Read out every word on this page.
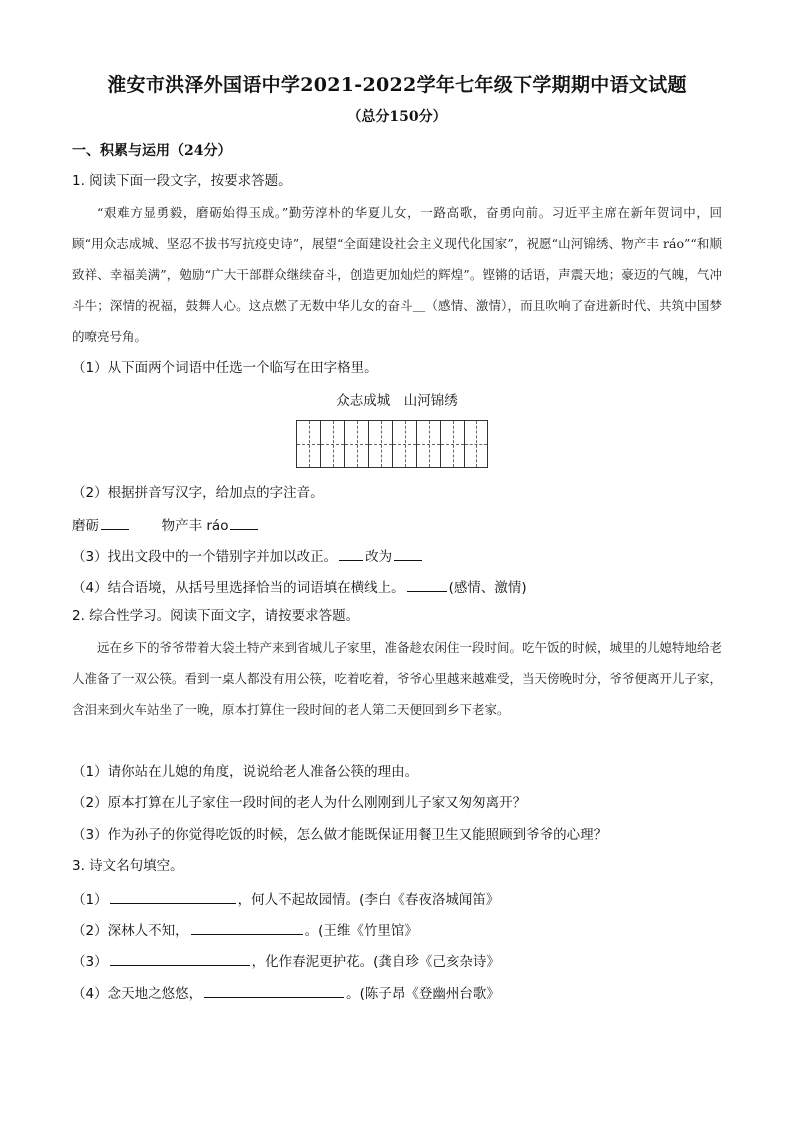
淮安市洪泽外国语中学2021-2022学年七年级下学期期中语文试题
（总分150分）
一、积累与运用（24分）
1. 阅读下面一段文字，按要求答题。
“艰难方显勇毅，磨砺始得玉成。”勤劳淳朴的华夏儿女，一路高歌，奋勇向前。习近平主席在新年贺词中，回顾“用众志成城、坚忍不拔书写抗疫史诗”，展望“全面建设社会主义现代化国家”，祝愿“山河锦绣、物产丰 ráo”“和顺致祥、幸福美满”，勉励“广大干部群众继续奋斗，创造更加灿烂的辉煌”。铿锵的话语，声震天地；豪迈的气魄，气冲斗牛；深情的祝福，鼓舞人心。这点燃了无数中华儿女的奋斗＿（感情、激情），而且吹响了奋进新时代、共筑中国梦的嘹亮号角。
（1）从下面两个词语中任选一个临写在田字格里。
众志成城　山河锦绣
（2）根据拼音写汉字，给加点的字注音。
磨砺	物产丰 ráo
（3）找出文段中的一个错别字并加以改正。 改为
（4）结合语境，从括号里选择恰当的词语填在横线上。	(感情、激情)
2. 综合性学习。阅读下面文字，请按要求答题。
远在乡下的爷爷带着大袋土特产来到省城儿子家里，准备趁农闲住一段时间。吃午饭的时候，城里的儿媳特地给老人准备了一双公筷。看到一桌人都没有用公筷，吃着吃着，爷爷心里越来越难受，当天傍晚时分，爷爷便离开儿子家，含泪来到火车站坐了一晚，原本打算住一段时间的老人第二天便回到乡下老家。
（1）请你站在儿媳的角度，说说给老人准备公筷的理由。
（2）原本打算在儿子家住一段时间的老人为什么刚刚到儿子家又匆匆离开？
（3）作为孙子的你觉得吃饭的时候，怎么做才能既保证用餐卫生又能照顾到爷爷的心理？
3. 诗文名句填空。
（1）	，何人不起故园情。(李白《春夜洛城闻笛》
（2）深林人不知，	。(王维《竹里馆》
（3）	，化作春泥更护花。(龚自珍《己亥杂诗》
（4）念天地之悠悠，	。(陈子昂《登幽州台歌》
